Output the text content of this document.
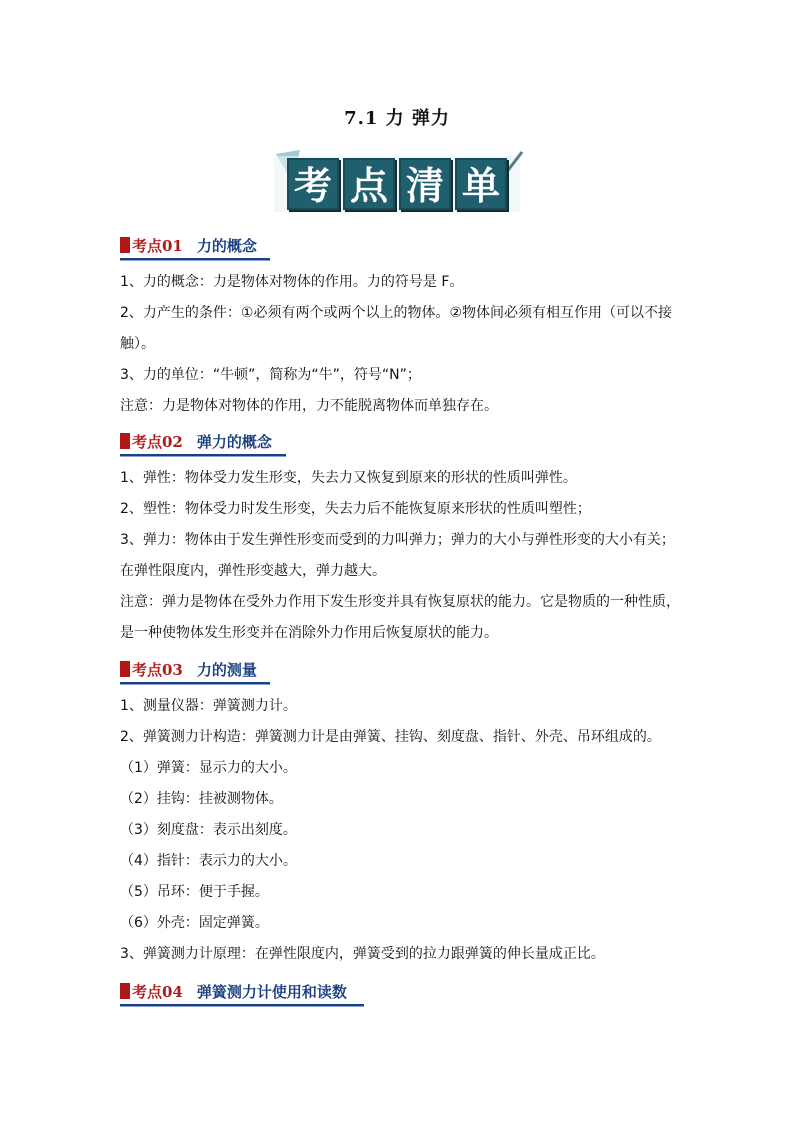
7.1 力 弹力
考 点 清 单
考点01 力的概念
1、力的概念：力是物体对物体的作用。力的符号是 F。
2、力产生的条件：①必须有两个或两个以上的物体。②物体间必须有相互作用（可以不接
触）。
3、力的单位：“牛顿”，简称为“牛”，符号“N”；
注意：力是物体对物体的作用，力不能脱离物体而单独存在。
考点02 弹力的概念
1、弹性：物体受力发生形变，失去力又恢复到原来的形状的性质叫弹性。
2、塑性：物体受力时发生形变，失去力后不能恢复原来形状的性质叫塑性；
3、弹力：物体由于发生弹性形变而受到的力叫弹力；弹力的大小与弹性形变的大小有关；
在弹性限度内，弹性形变越大，弹力越大。
注意：弹力是物体在受外力作用下发生形变并具有恢复原状的能力。它是物质的一种性质，
是一种使物体发生形变并在消除外力作用后恢复原状的能力。
考点03 力的测量
1、测量仪器：弹簧测力计。
2、弹簧测力计构造：弹簧测力计是由弹簧、挂钩、刻度盘、指针、外壳、吊环组成的。
（1）弹簧：显示力的大小。
（2）挂钩：挂被测物体。
（3）刻度盘：表示出刻度。
（4）指针：表示力的大小。
（5）吊环：便于手握。
（6）外壳：固定弹簧。
3、弹簧测力计原理：在弹性限度内，弹簧受到的拉力跟弹簧的伸长量成正比。
考点04 弹簧测力计使用和读数
